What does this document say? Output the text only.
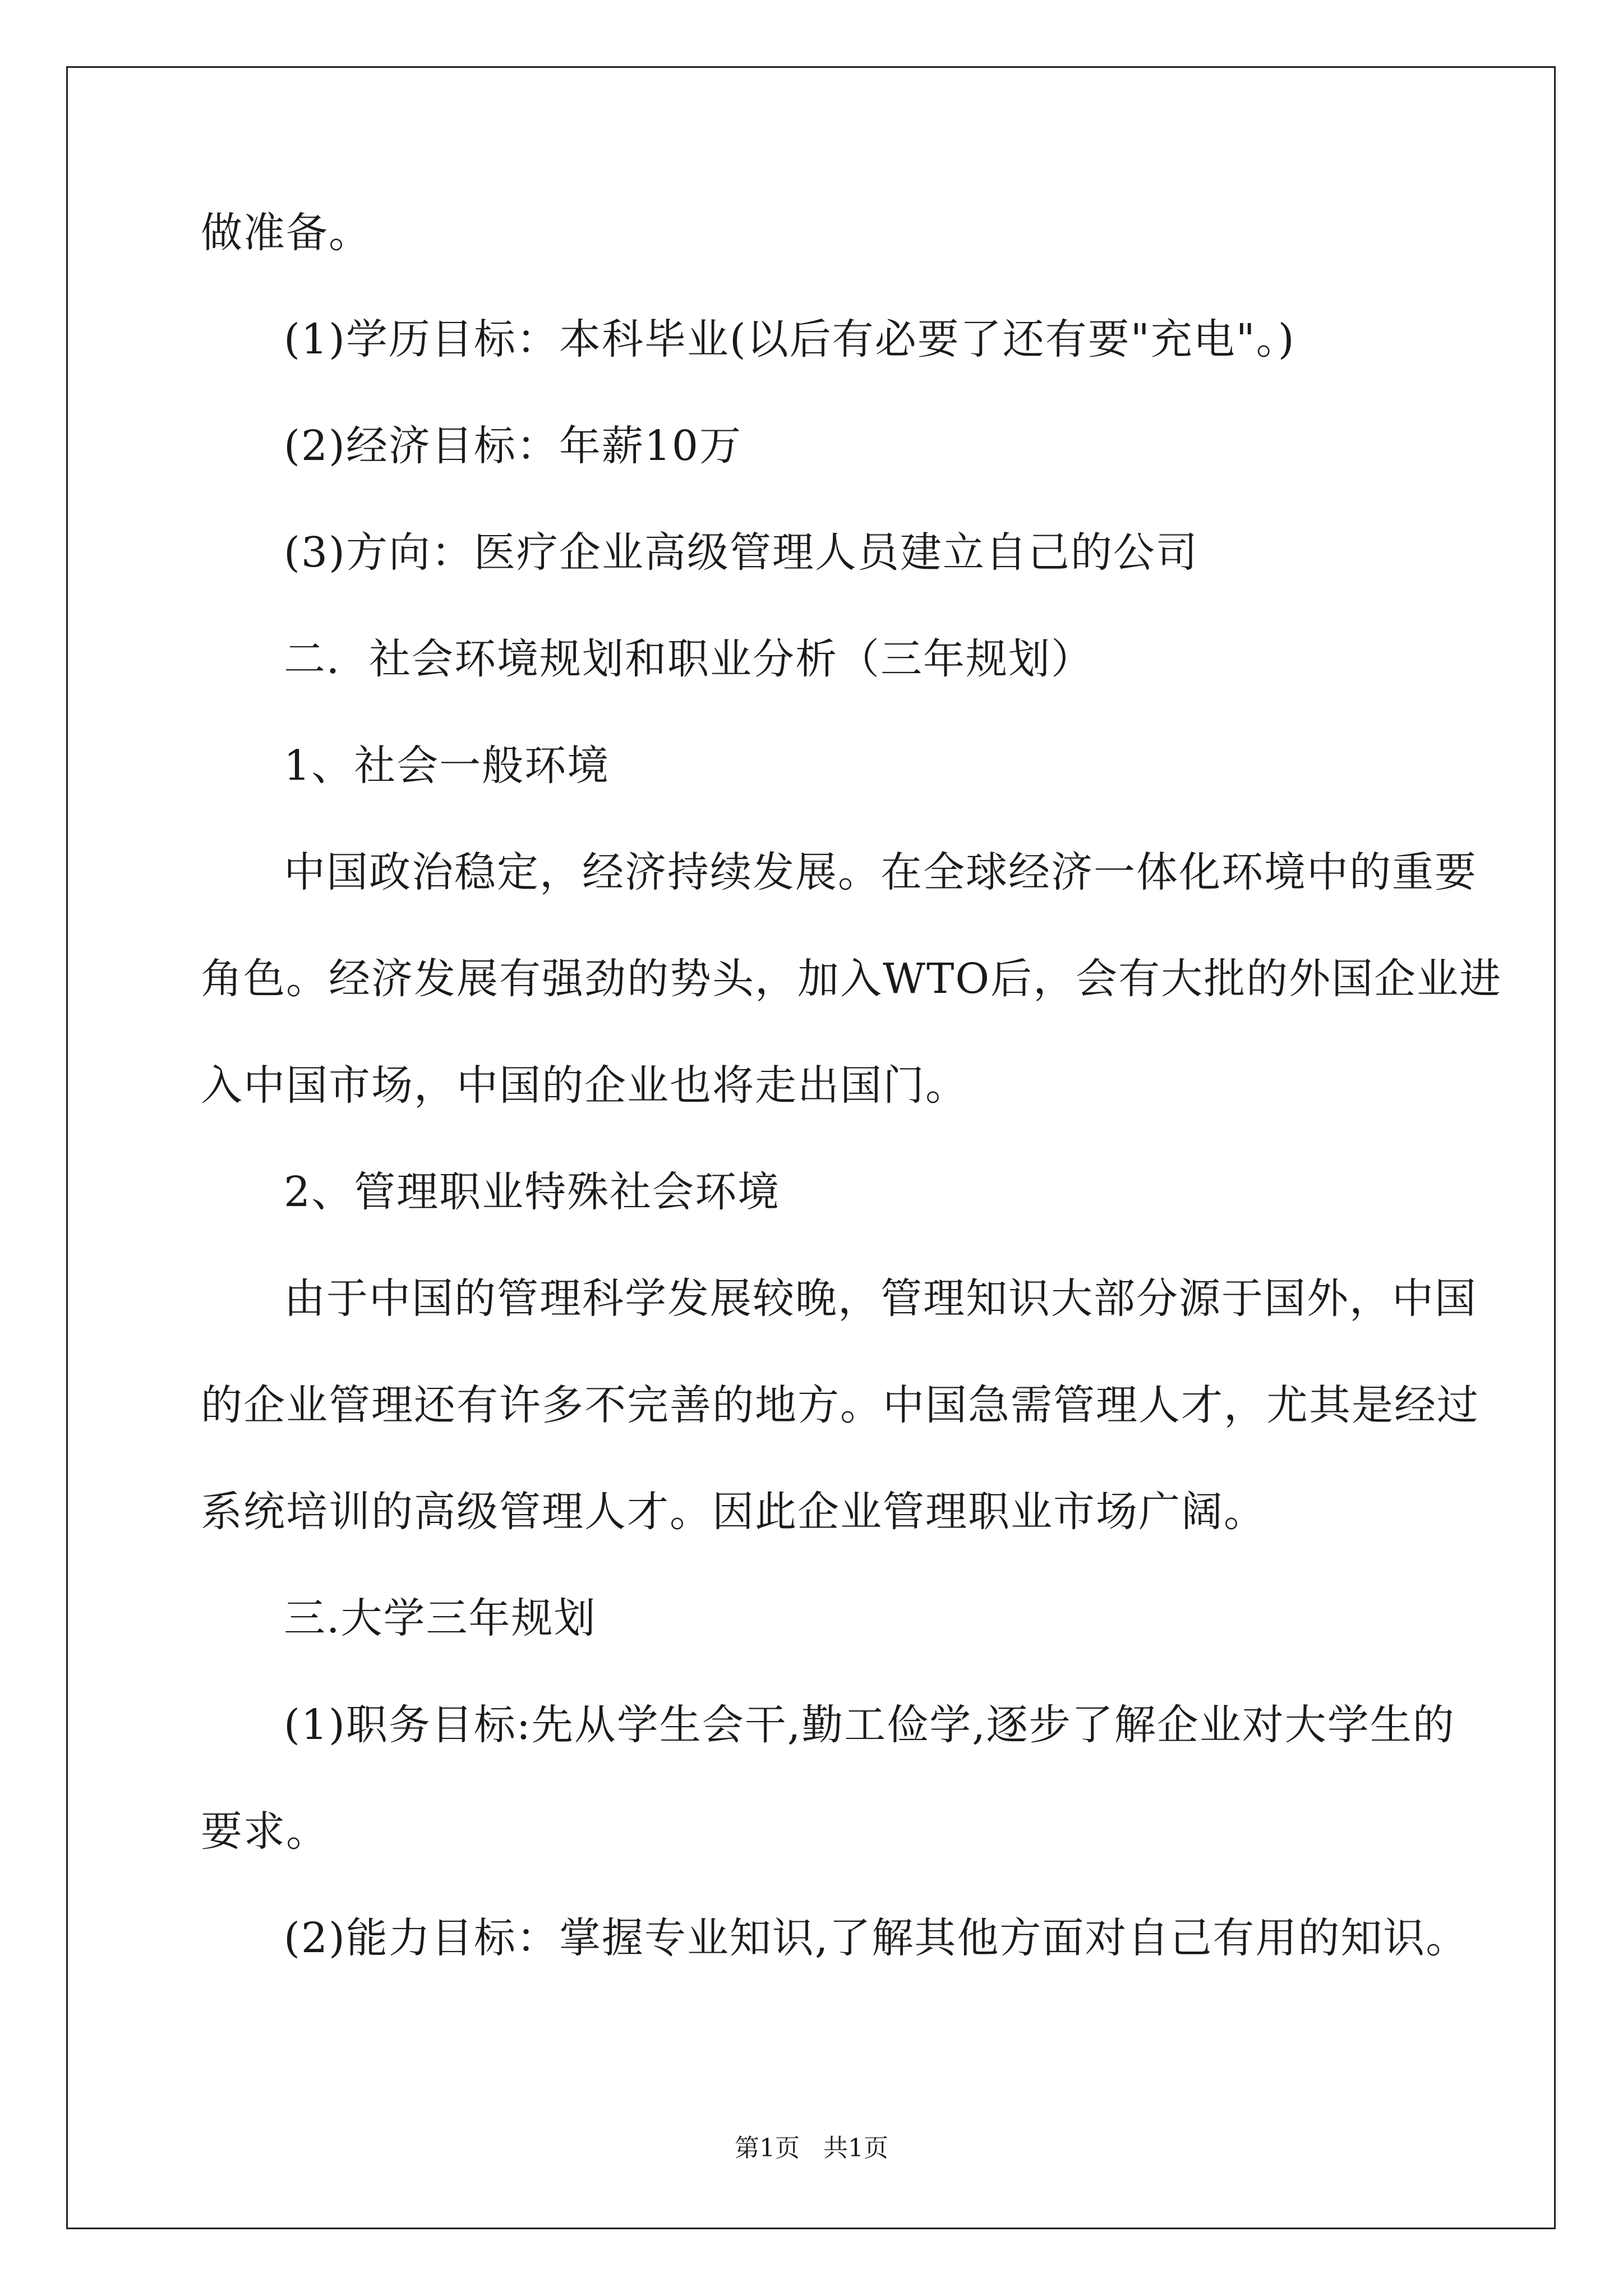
做准备。
(1)学历目标：本科毕业(以后有必要了还有要"充电"。)
(2)经济目标：年薪10万
(3)方向：医疗企业高级管理人员建立自己的公司
二．社会环境规划和职业分析（三年规划）
1、社会一般环境
中国政治稳定，经济持续发展。在全球经济一体化环境中的重要
角色。经济发展有强劲的势头，加入WTO后，会有大批的外国企业进
入中国市场，中国的企业也将走出国门。
2、管理职业特殊社会环境
由于中国的管理科学发展较晚，管理知识大部分源于国外，中国
的企业管理还有许多不完善的地方。中国急需管理人才，尤其是经过
系统培训的高级管理人才。因此企业管理职业市场广阔。
三.大学三年规划
(1)职务目标:先从学生会干,勤工俭学,逐步了解企业对大学生的
要求。
(2)能力目标：掌握专业知识,了解其他方面对自己有用的知识。
第1页   共1页
